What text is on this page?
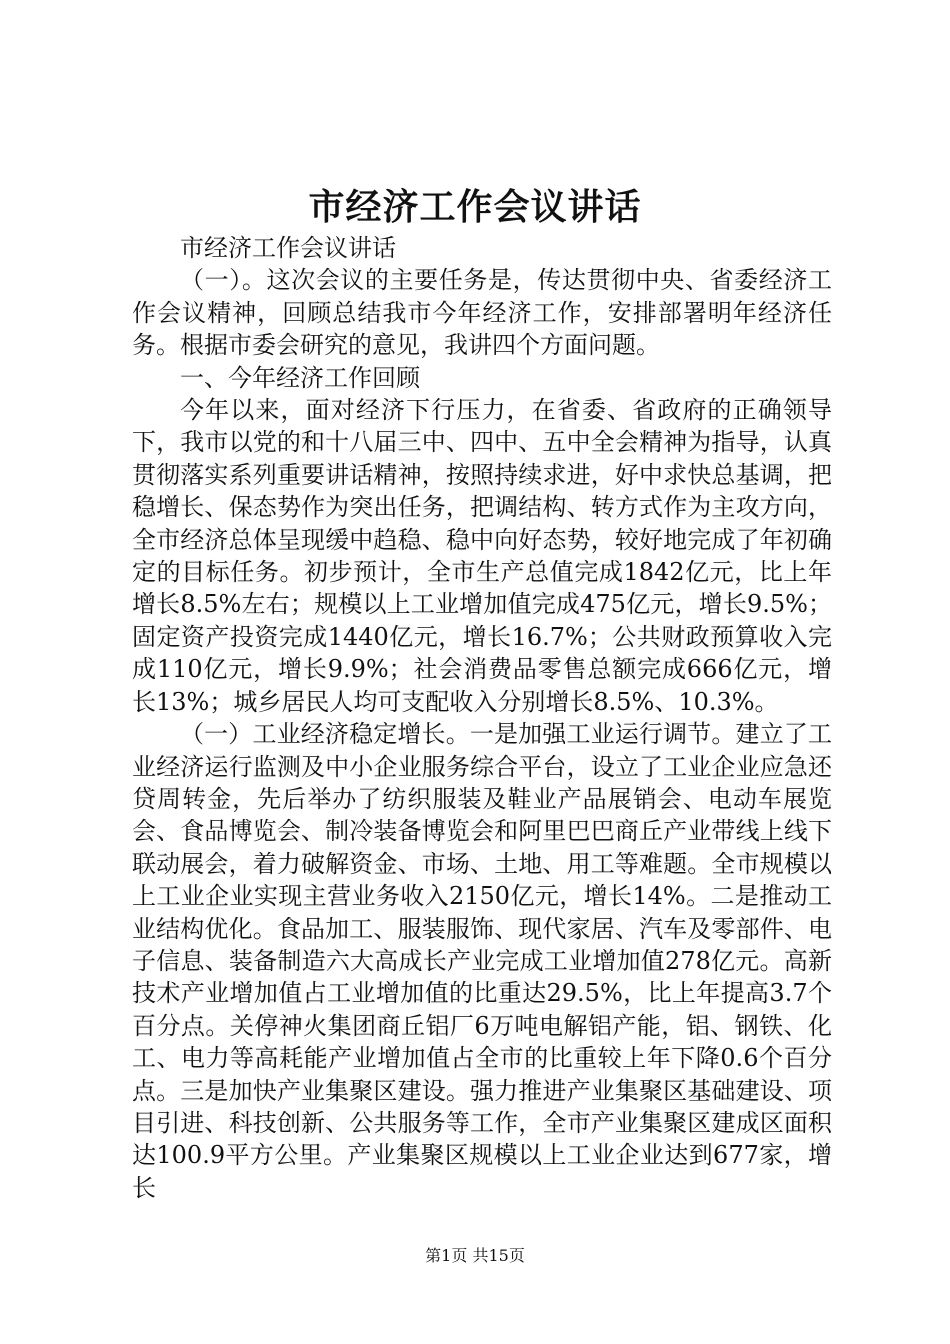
市经济工作会议讲话

市经济工作会议讲话

（一）。这次会议的主要任务是，传达贯彻中央、省委经济工作会议精神，回顾总结我市今年经济工作，安排部署明年经济任务。根据市委会研究的意见，我讲四个方面问题。

一、今年经济工作回顾

今年以来，面对经济下行压力，在省委、省政府的正确领导下，我市以党的和十八届三中、四中、五中全会精神为指导，认真贯彻落实系列重要讲话精神，按照持续求进，好中求快总基调，把稳增长、保态势作为突出任务，把调结构、转方式作为主攻方向，全市经济总体呈现缓中趋稳、稳中向好态势，较好地完成了年初确定的目标任务。初步预计，全市生产总值完成1842亿元，比上年增长8.5%左右；规模以上工业增加值完成475亿元，增长9.5%；固定资产投资完成1440亿元，增长16.7%；公共财政预算收入完成110亿元，增长9.9%；社会消费品零售总额完成666亿元，增长13%；城乡居民人均可支配收入分别增长8.5%、10.3%。

（一）工业经济稳定增长。一是加强工业运行调节。建立了工业经济运行监测及中小企业服务综合平台，设立了工业企业应急还贷周转金，先后举办了纺织服装及鞋业产品展销会、电动车展览会、食品博览会、制冷装备博览会和阿里巴巴商丘产业带线上线下联动展会，着力破解资金、市场、土地、用工等难题。全市规模以上工业企业实现主营业务收入2150亿元，增长14%。二是推动工业结构优化。食品加工、服装服饰、现代家居、汽车及零部件、电子信息、装备制造六大高成长产业完成工业增加值278亿元。高新技术产业增加值占工业增加值的比重达29.5%，比上年提高3.7个百分点。关停神火集团商丘铝厂6万吨电解铝产能，铝、钢铁、化工、电力等高耗能产业增加值占全市的比重较上年下降0.6个百分点。三是加快产业集聚区建设。强力推进产业集聚区基础建设、项目引进、科技创新、公共服务等工作，全市产业集聚区建成区面积达100.9平方公里。产业集聚区规模以上工业企业达到677家，增长

第1页 共15页
